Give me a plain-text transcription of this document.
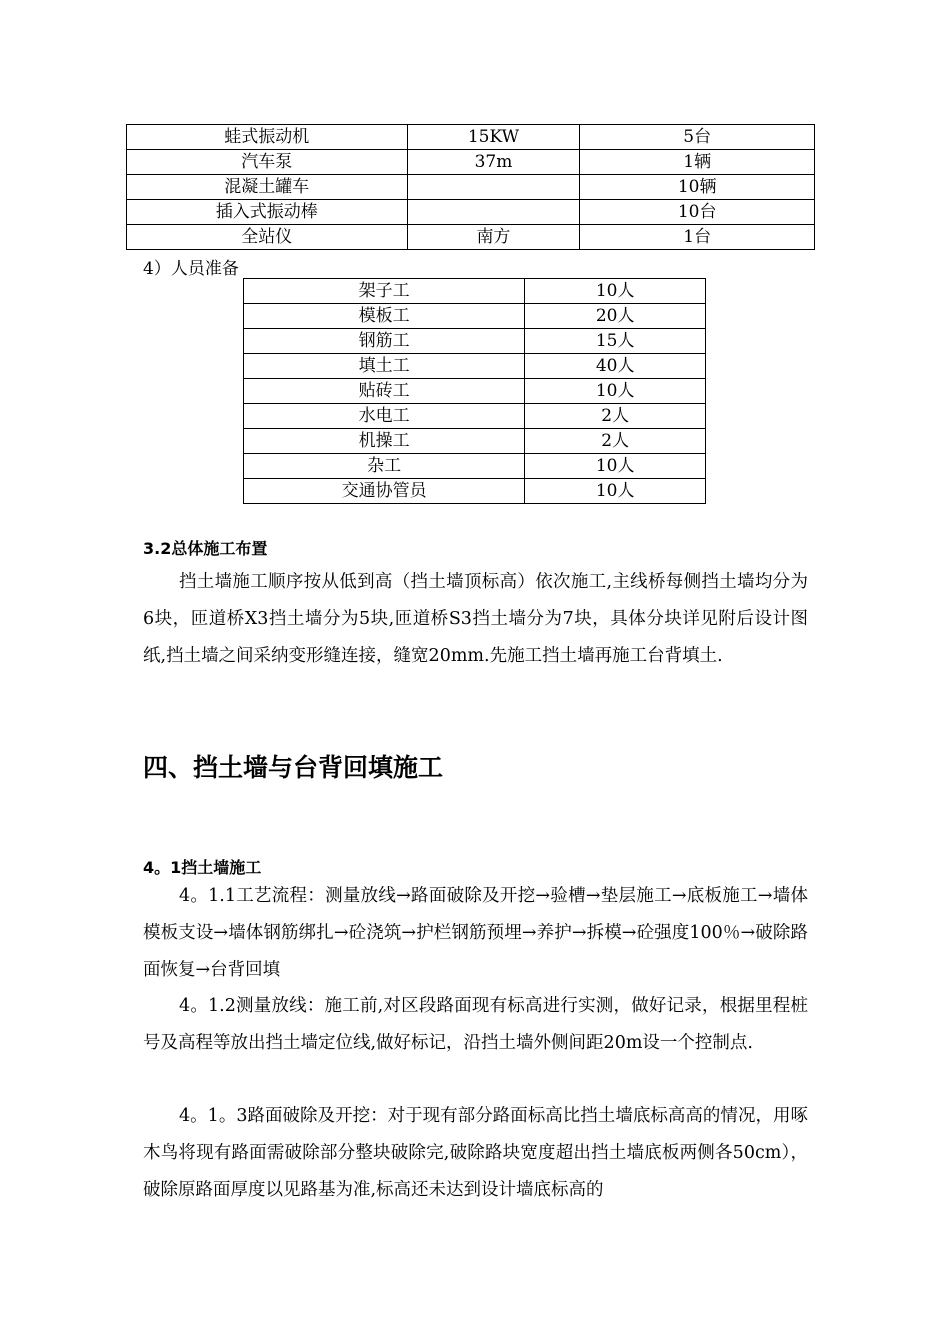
蛙式振动机	15KW	5台
汽车泵	37m	1辆
混凝土罐车		10辆
插入式振动棒		10台
全站仪	南方	1台
4）人员准备
架子工	10人
模板工	20人
钢筋工	15人
填土工	40人
贴砖工	10人
水电工	2人
机操工	2人
杂工	10人
交通协管员	10人
3.2总体施工布置
挡土墙施工顺序按从低到高（挡土墙顶标高）依次施工,主线桥每侧挡土墙均分为6块，匝道桥X3挡土墙分为5块,匝道桥S3挡土墙分为7块，具体分块详见附后设计图纸,挡土墙之间采纳变形缝连接，缝宽20mm.先施工挡土墙再施工台背填土.
四、挡土墙与台背回填施工
4。1挡土墙施工
4。1.1工艺流程：测量放线→路面破除及开挖→验槽→垫层施工→底板施工→墙体模板支设→墙体钢筋绑扎→砼浇筑→护栏钢筋预埋→养护→拆模→砼强度100％→破除路面恢复→台背回填
4。1.2测量放线：施工前,对区段路面现有标高进行实测，做好记录，根据里程桩号及高程等放出挡土墙定位线,做好标记，沿挡土墙外侧间距20m设一个控制点.
4。1。3路面破除及开挖：对于现有部分路面标高比挡土墙底标高高的情况，用啄木鸟将现有路面需破除部分整块破除完,破除路块宽度超出挡土墙底板两侧各50cm），破除原路面厚度以见路基为准,标高还未达到设计墙底标高的
